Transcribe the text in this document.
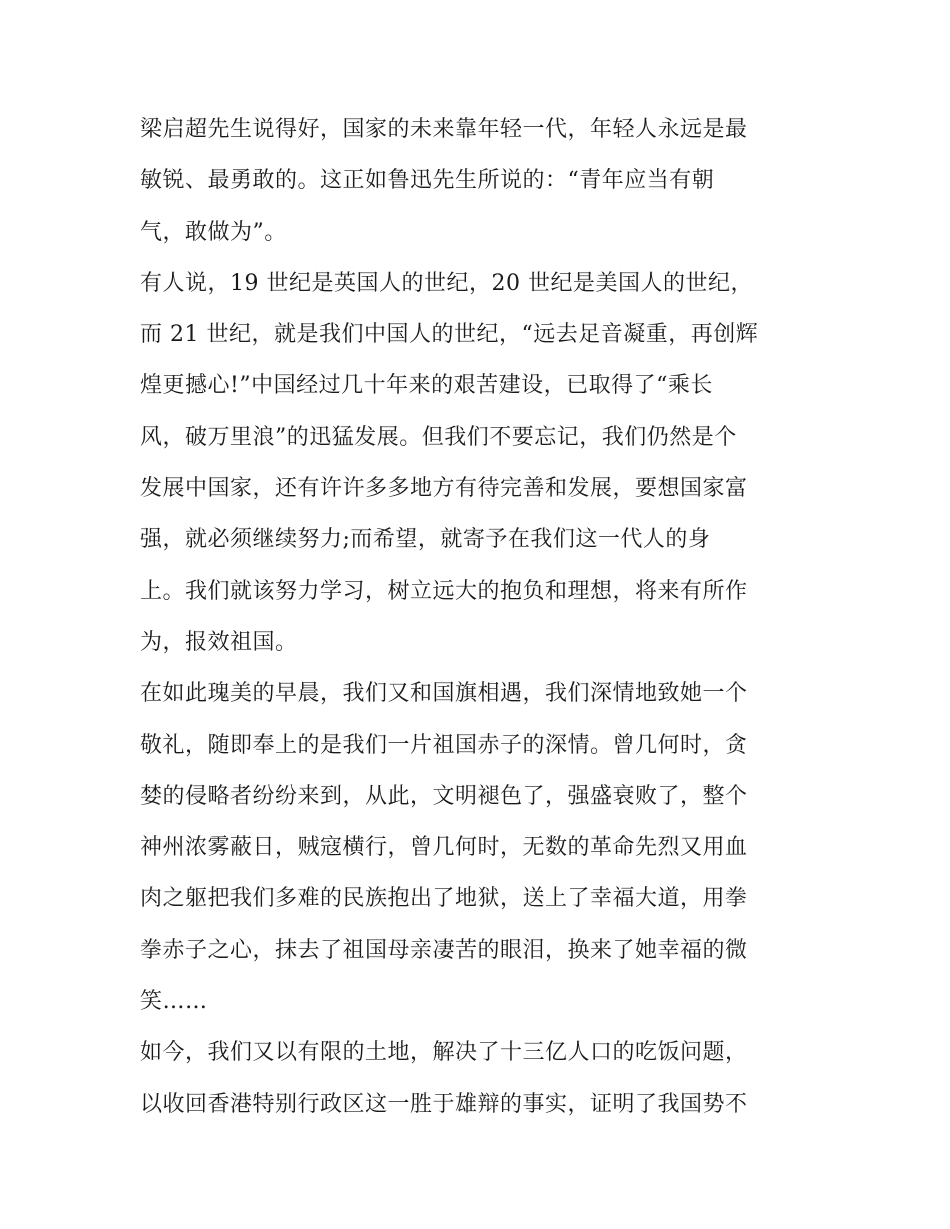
梁启超先生说得好，国家的未来靠年轻一代，年轻人永远是最
敏锐、最勇敢的。这正如鲁迅先生所说的：“青年应当有朝
气，敢做为”。
有人说，19 世纪是英国人的世纪，20 世纪是美国人的世纪，
而 21 世纪，就是我们中国人的世纪，“远去足音凝重，再创辉
煌更撼心!”中国经过几十年来的艰苦建设，已取得了“乘长
风，破万里浪”的迅猛发展。但我们不要忘记，我们仍然是个
发展中国家，还有许许多多地方有待完善和发展，要想国家富
强，就必须继续努力;而希望，就寄予在我们这一代人的身
上。我们就该努力学习，树立远大的抱负和理想，将来有所作
为，报效祖国。
在如此瑰美的早晨，我们又和国旗相遇，我们深情地致她一个
敬礼，随即奉上的是我们一片祖国赤子的深情。曾几何时，贪
婪的侵略者纷纷来到，从此，文明褪色了，强盛衰败了，整个
神州浓雾蔽日，贼寇横行，曾几何时，无数的革命先烈又用血
肉之躯把我们多难的民族抱出了地狱，送上了幸福大道，用拳
拳赤子之心，抹去了祖国母亲凄苦的眼泪，换来了她幸福的微
笑……
如今，我们又以有限的土地，解决了十三亿人口的吃饭问题，
以收回香港特别行政区这一胜于雄辩的事实，证明了我国势不
